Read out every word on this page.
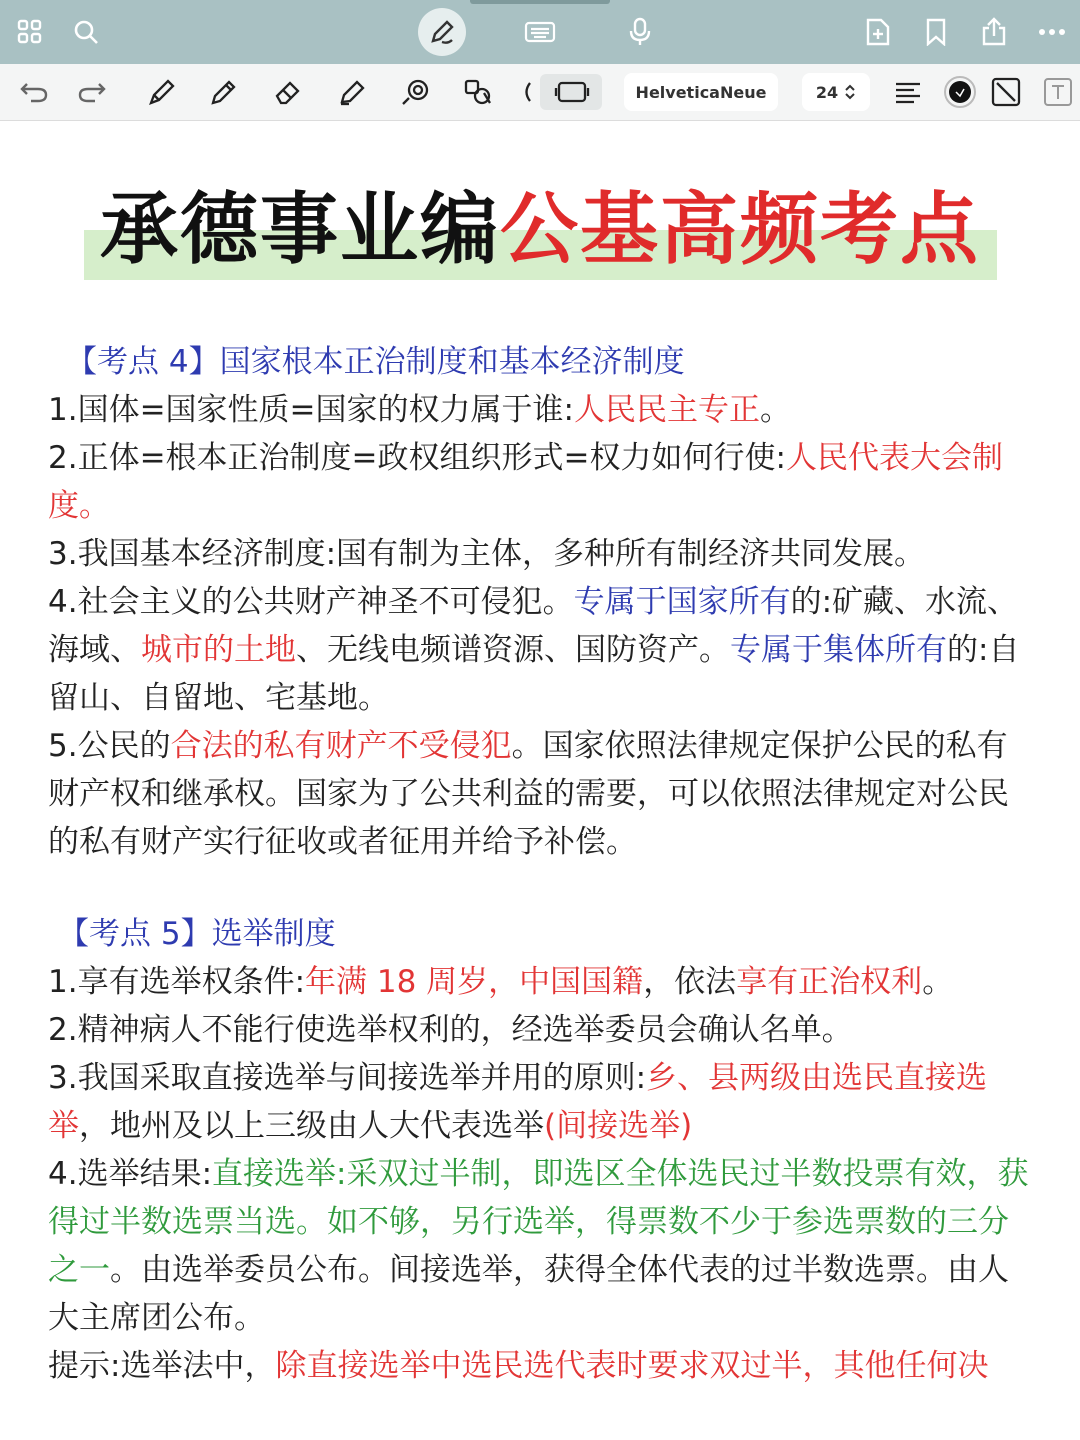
HelveticaNeue	24
承德事业编公基高频考点

【考点 4】国家根本正治制度和基本经济制度

1.国体=国家性质=国家的权力属于谁:人民民主专正。

2.正体=根本正治制度=政权组织形式=权力如何行使:人民代表大会制度。

3.我国基本经济制度:国有制为主体，多种所有制经济共同发展。

4.社会主义的公共财产神圣不可侵犯。专属于国家所有的:矿藏、水流、海域、城市的土地、无线电频谱资源、国防资产。专属于集体所有的:自留山、自留地、宅基地。

5.公民的合法的私有财产不受侵犯。国家依照法律规定保护公民的私有财产权和继承权。国家为了公共利益的需要，可以依照法律规定对公民的私有财产实行征收或者征用并给予补偿。

【考点 5】选举制度

1.享有选举权条件:年满 18 周岁，中国国籍，依法享有正治权利。

2.精神病人不能行使选举权利的，经选举委员会确认名单。

3.我国采取直接选举与间接选举并用的原则:乡、县两级由选民直接选举，地州及以上三级由人大代表选举(间接选举)

4.选举结果:直接选举:采双过半制，即选区全体选民过半数投票有效，获得过半数选票当选。如不够，另行选举，得票数不少于参选票数的三分之一。由选举委员公布。间接选举，获得全体代表的过半数选票。由人大主席团公布。

提示:选举法中，除直接选举中选民选代表时要求双过半，其他任何决
